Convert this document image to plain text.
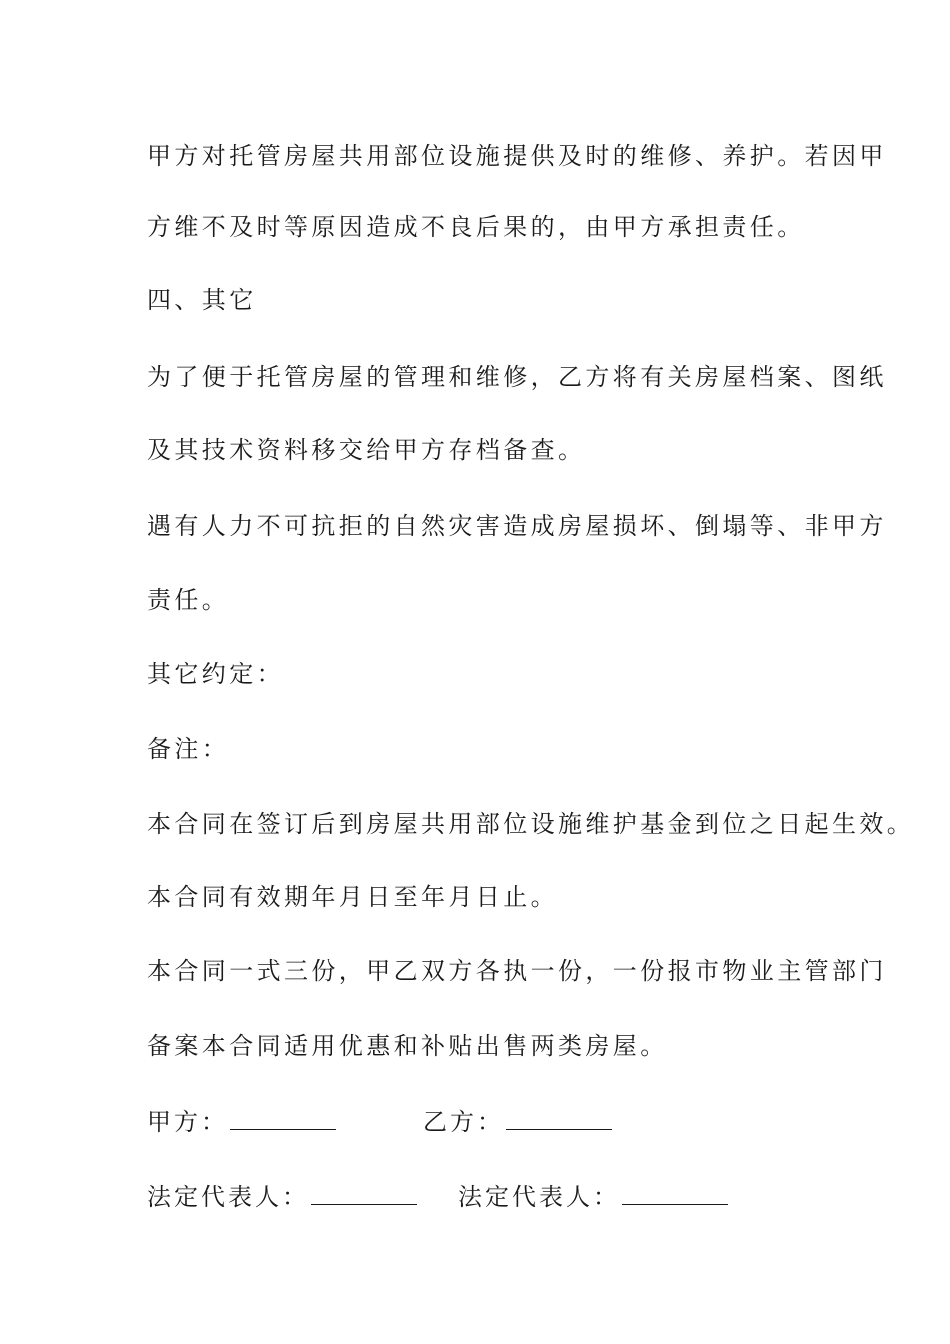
甲方对托管房屋共用部位设施提供及时的维修、养护。若因甲
方维不及时等原因造成不良后果的，由甲方承担责任。
四、其它
为了便于托管房屋的管理和维修，乙方将有关房屋档案、图纸
及其技术资料移交给甲方存档备查。
遇有人力不可抗拒的自然灾害造成房屋损坏、倒塌等、非甲方
责任。
其它约定：
备注：
本合同在签订后到房屋共用部位设施维护基金到位之日起生效。
本合同有效期年月日至年月日止。
本合同一式三份，甲乙双方各执一份，一份报市物业主管部门
备案本合同适用优惠和补贴出售两类房屋。
甲方：	乙方：
法定代表人：	法定代表人：
